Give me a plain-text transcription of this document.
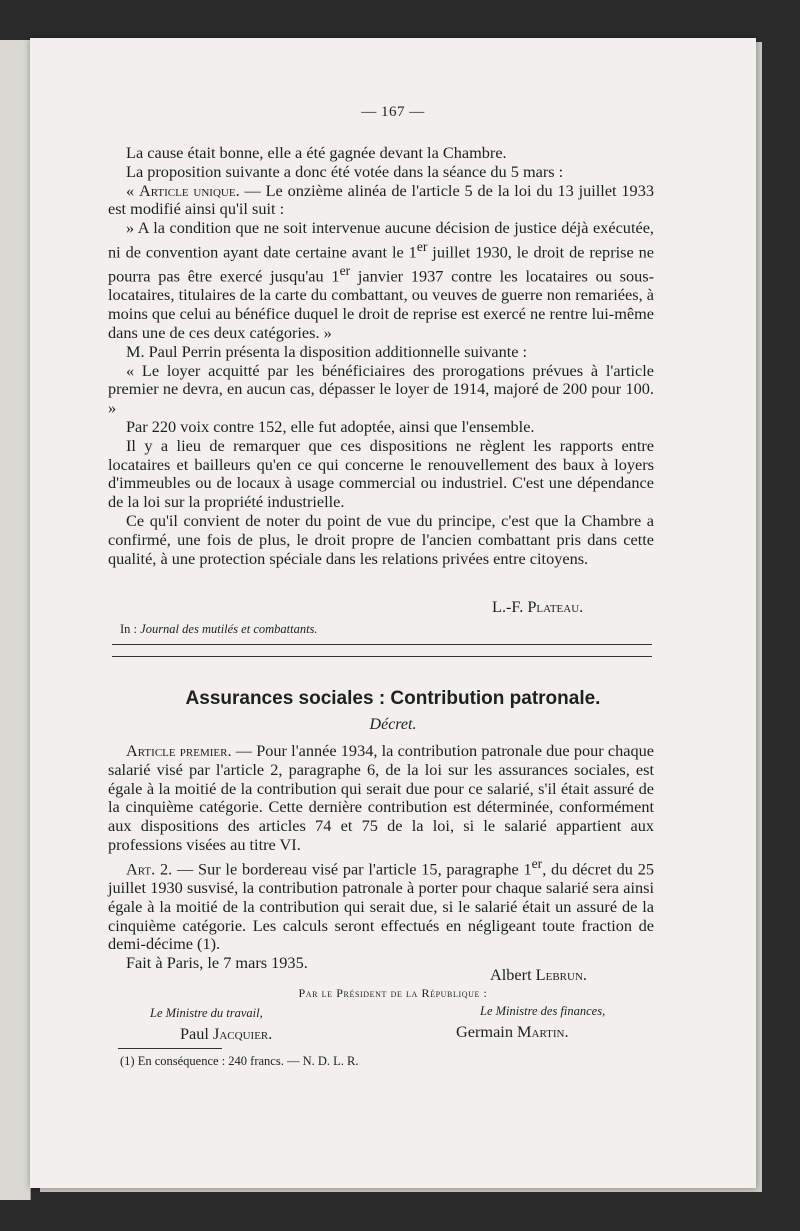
— 167 —

La cause était bonne, elle a été gagnée devant la Chambre.

La proposition suivante a donc été votée dans la séance du 5 mars :

« Article unique. — Le onzième alinéa de l'article 5 de la loi du 13 juillet 1933 est modifié ainsi qu'il suit :

» A la condition que ne soit intervenue aucune décision de justice déjà exécutée, ni de convention ayant date certaine avant le 1er juillet 1930, le droit de reprise ne pourra pas être exercé jusqu'au 1er janvier 1937 contre les locataires ou sous-locataires, titulaires de la carte du combattant, ou veuves de guerre non remariées, à moins que celui au bénéfice duquel le droit de reprise est exercé ne rentre lui-même dans une de ces deux catégories. »

M. Paul Perrin présenta la disposition additionnelle suivante :

« Le loyer acquitté par les bénéficiaires des prorogations prévues à l'article premier ne devra, en aucun cas, dépasser le loyer de 1914, majoré de 200 pour 100. »

Par 220 voix contre 152, elle fut adoptée, ainsi que l'ensemble.

Il y a lieu de remarquer que ces dispositions ne règlent les rapports entre locataires et bailleurs qu'en ce qui concerne le renouvellement des baux à loyers d'immeubles ou de locaux à usage commercial ou industriel. C'est une dépendance de la loi sur la propriété industrielle.

Ce qu'il convient de noter du point de vue du principe, c'est que la Chambre a confirmé, une fois de plus, le droit propre de l'ancien combattant pris dans cette qualité, à une protection spéciale dans les relations privées entre citoyens.

L.-F. Plateau.
In : Journal des mutilés et combattants.
Assurances sociales : Contribution patronale.
Décret.

Article premier. — Pour l'année 1934, la contribution patronale due pour chaque salarié visé par l'article 2, paragraphe 6, de la loi sur les assurances sociales, est égale à la moitié de la contribution qui serait due pour ce salarié, s'il était assuré de la cinquième catégorie. Cette dernière contribution est déterminée, conformément aux dispositions des articles 74 et 75 de la loi, si le salarié appartient aux professions visées au titre VI.

Art. 2. — Sur le bordereau visé par l'article 15, paragraphe 1er, du décret du 25 juillet 1930 susvisé, la contribution patronale à porter pour chaque salarié sera ainsi égale à la moitié de la contribution qui serait due, si le salarié était un assuré de la cinquième catégorie. Les calculs seront effectués en négligeant toute fraction de demi-décime (1).

Fait à Paris, le 7 mars 1935.

Albert Lebrun.
Par le Président de la République :
Le Ministre du travail,	Le Ministre des finances,
Paul Jacquier.	Germain Martin.
(1) En conséquence : 240 francs. — N. D. L. R.
